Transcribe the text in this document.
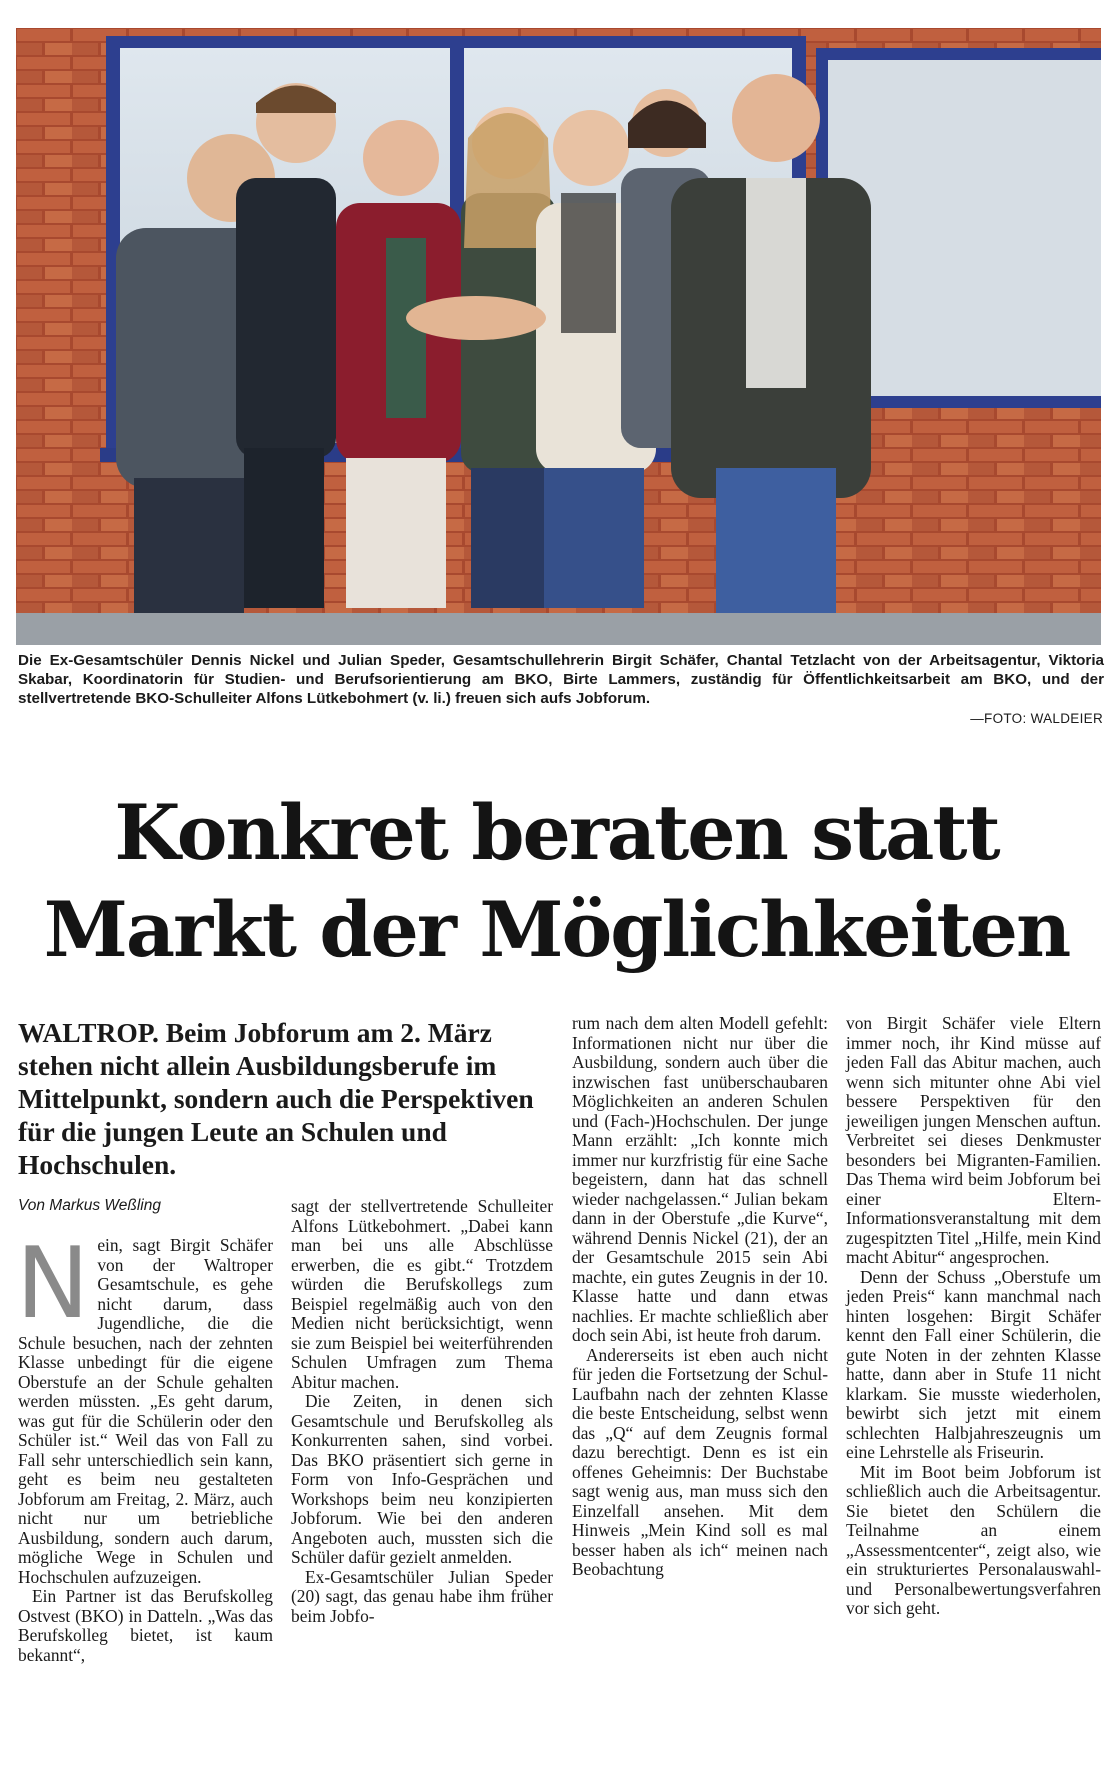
Die Ex-Gesamtschüler Dennis Nickel und Julian Speder, Gesamtschullehrerin Birgit Schäfer, Chantal Tetzlacht von der Arbeitsagentur, Viktoria Skabar, Koordinatorin für Studien- und Berufsorientierung am BKO, Birte Lammers, zuständig für Öffentlichkeitsarbeit am BKO, und der stellvertretende BKO-Schulleiter Alfons Lütkebohmert (v. li.) freuen sich aufs Jobforum.
—FOTO: WALDEIER
Konkret beraten statt
Markt der Möglichkeiten
WALTROP. Beim Jobforum am 2. März stehen nicht allein Ausbildungsberufe im Mittelpunkt, sondern auch die Perspektiven für die jungen Leute an Schulen und Hochschulen.
Von Markus Weßling

Nein, sagt Birgit Schäfer von der Waltroper Gesamtschule, es gehe nicht darum, dass Jugendliche, die die Schule besuchen, nach der zehnten Klasse unbedingt für die eigene Oberstufe an der Schule gehalten werden müssten. „Es geht darum, was gut für die Schülerin oder den Schüler ist.“ Weil das von Fall zu Fall sehr unterschiedlich sein kann, geht es beim neu gestalteten Jobforum am Freitag, 2. März, auch nicht nur um betriebliche Ausbildung, sondern auch darum, mögliche Wege in Schulen und Hochschulen aufzuzeigen.

Ein Partner ist das Berufskolleg Ostvest (BKO) in Datteln. „Was das Berufskolleg bietet, ist kaum bekannt“,

sagt der stellvertretende Schulleiter Alfons Lütkebohmert. „Dabei kann man bei uns alle Abschlüsse erwerben, die es gibt.“ Trotzdem würden die Berufskollegs zum Beispiel regelmäßig auch von den Medien nicht berücksichtigt, wenn sie zum Beispiel bei weiterführenden Schulen Umfragen zum Thema Abitur machen.

Die Zeiten, in denen sich Gesamtschule und Berufskolleg als Konkurrenten sahen, sind vorbei. Das BKO präsentiert sich gerne in Form von Info-Gesprächen und Workshops beim neu konzipierten Jobforum. Wie bei den anderen Angeboten auch, mussten sich die Schüler dafür gezielt anmelden.

Ex-Gesamtschüler Julian Speder (20) sagt, das genau habe ihm früher beim Jobfo-

rum nach dem alten Modell gefehlt: Informationen nicht nur über die Ausbildung, sondern auch über die inzwischen fast unüberschaubaren Möglichkeiten an anderen Schulen und (Fach-)Hochschulen. Der junge Mann erzählt: „Ich konnte mich immer nur kurzfristig für eine Sache begeistern, dann hat das schnell wieder nachgelassen.“ Julian bekam dann in der Oberstufe „die Kurve“, während Dennis Nickel (21), der an der Gesamtschule 2015 sein Abi machte, ein gutes Zeugnis in der 10. Klasse hatte und dann etwas nachlies. Er machte schließlich aber doch sein Abi, ist heute froh darum.

Andererseits ist eben auch nicht für jeden die Fortsetzung der Schul-Laufbahn nach der zehnten Klasse die beste Entscheidung, selbst wenn das „Q“ auf dem Zeugnis formal dazu berechtigt. Denn es ist ein offenes Geheimnis: Der Buchstabe sagt wenig aus, man muss sich den Einzelfall ansehen. Mit dem Hinweis „Mein Kind soll es mal besser haben als ich“ meinen nach Beobachtung

von Birgit Schäfer viele Eltern immer noch, ihr Kind müsse auf jeden Fall das Abitur machen, auch wenn sich mitunter ohne Abi viel bessere Perspektiven für den jeweiligen jungen Menschen auftun. Verbreitet sei dieses Denkmuster besonders bei Migranten-Familien. Das Thema wird beim Jobforum bei einer Eltern-Informationsveranstaltung mit dem zugespitzten Titel „Hilfe, mein Kind macht Abitur“ angesprochen.

Denn der Schuss „Oberstufe um jeden Preis“ kann manchmal nach hinten losgehen: Birgit Schäfer kennt den Fall einer Schülerin, die gute Noten in der zehnten Klasse hatte, dann aber in Stufe 11 nicht klarkam. Sie musste wiederholen, bewirbt sich jetzt mit einem schlechten Halbjahreszeugnis um eine Lehrstelle als Friseurin.

Mit im Boot beim Jobforum ist schließlich auch die Arbeitsagentur. Sie bietet den Schülern die Teilnahme an einem „Assessmentcenter“, zeigt also, wie ein strukturiertes Personalauswahl- und Personalbewertungsverfahren vor sich geht.
